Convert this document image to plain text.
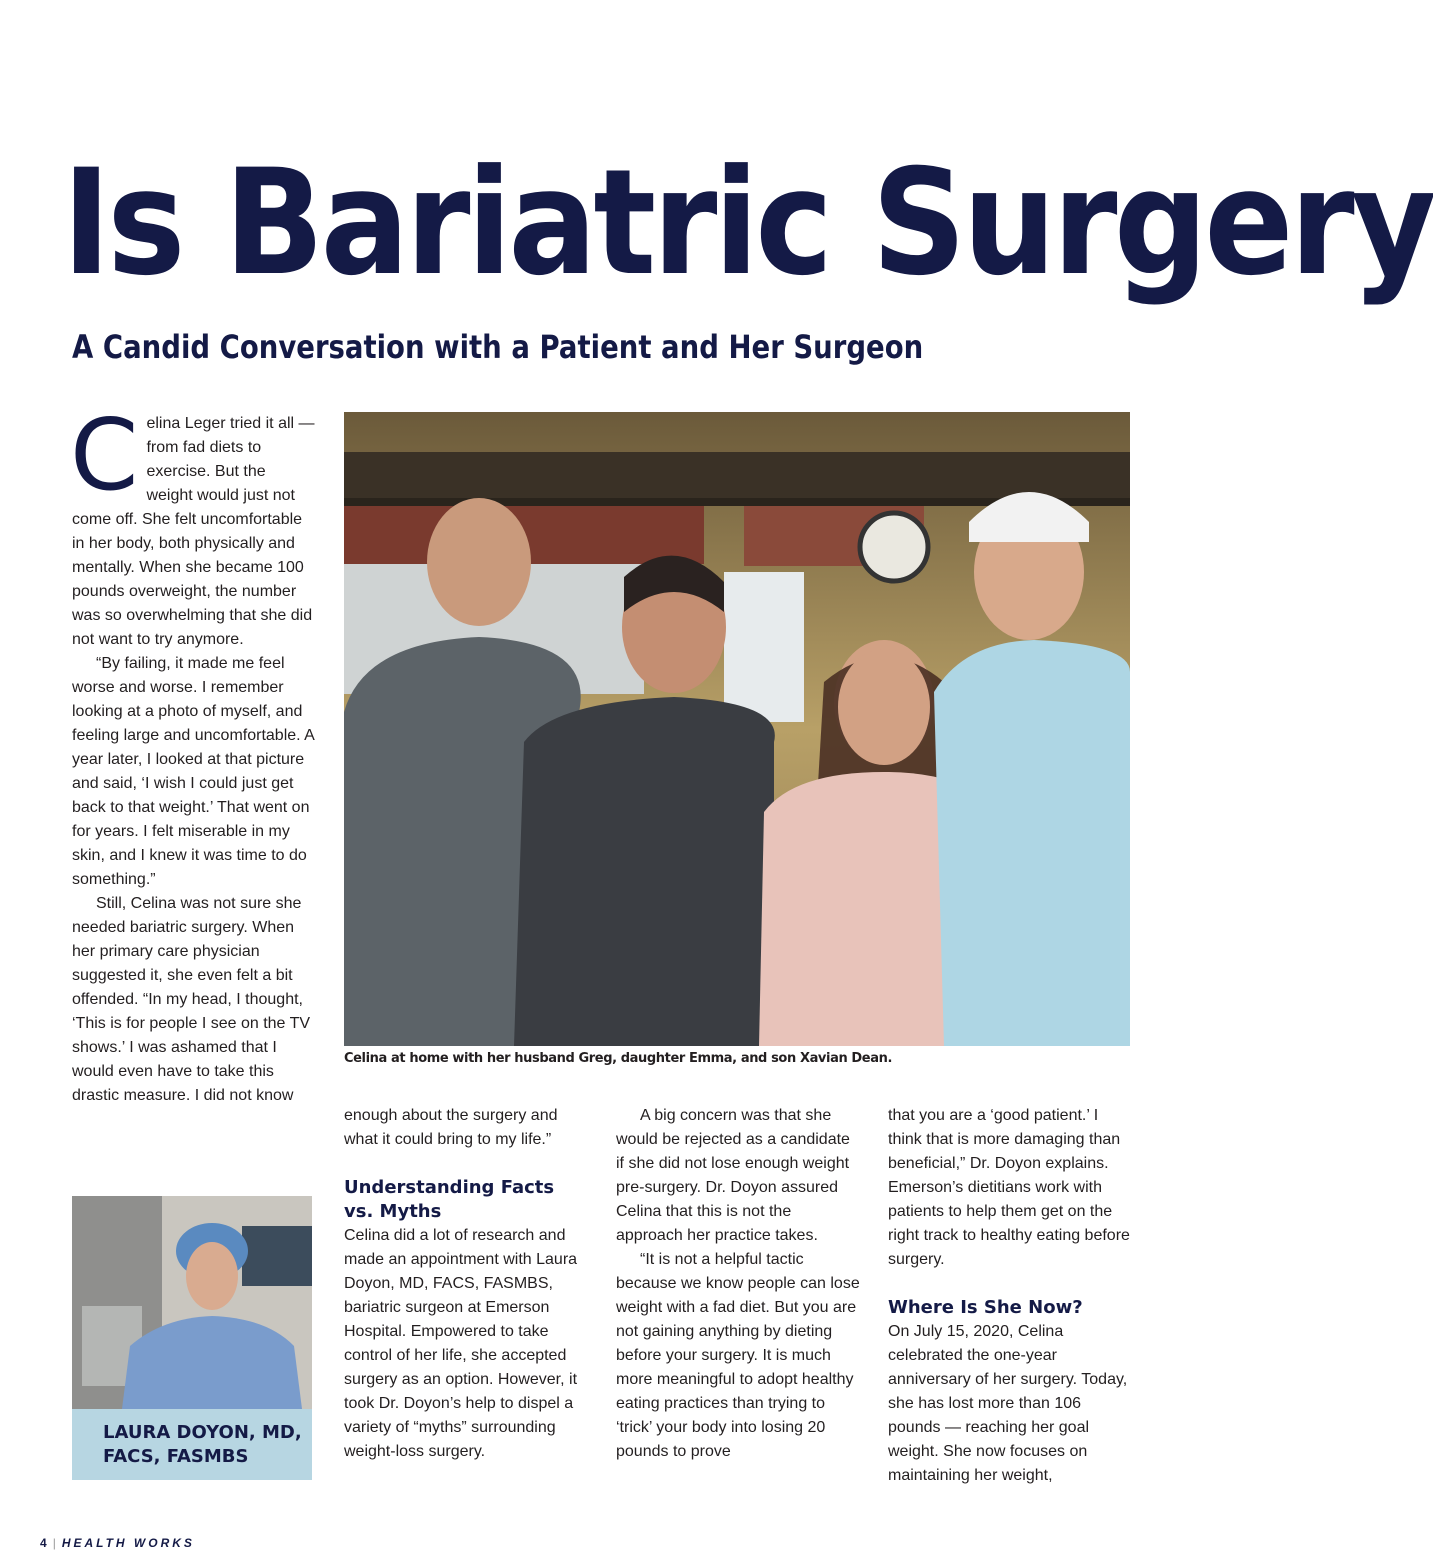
Is Bariatric Surgery
A Candid Conversation with a Patient and Her Surgeon
C elina Leger tried it all — from fad diets to exercise. But the weight would just not come off. She felt uncomfortable in her body, both physically and mentally. When she became 100 pounds overweight, the number was so overwhelming that she did not want to try anymore.

“By failing, it made me feel worse and worse. I remember looking at a photo of myself, and feeling large and uncomfortable. A year later, I looked at that picture and said, ‘I wish I could just get back to that weight.’ That went on for years. I felt miserable in my skin, and I knew it was time to do something.”

Still, Celina was not sure she needed bariatric surgery. When her primary care physician suggested it, she even felt a bit offended. “In my head, I thought, ‘This is for people I see on the TV shows.’ I was ashamed that I would even have to take this drastic measure. I did not know

Celina at home with her husband Greg, daughter Emma, and son Xavian Dean.
LAURA DOYON, MD,
FACS, FASMBS

enough about the surgery and what it could bring to my life.”

Understanding Facts vs. Myths

Celina did a lot of research and made an appointment with Laura Doyon, MD, FACS, FASMBS, bariatric surgeon at Emerson Hospital. Empowered to take control of her life, she accepted surgery as an option. However, it took Dr. Doyon’s help to dispel a variety of “myths” surrounding weight-loss surgery.

A big concern was that she would be rejected as a candidate if she did not lose enough weight pre-surgery. Dr. Doyon assured Celina that this is not the approach her practice takes.

“It is not a helpful tactic because we know people can lose weight with a fad diet. But you are not gaining anything by dieting before your surgery. It is much more meaningful to adopt healthy eating practices than trying to ‘trick’ your body into losing 20 pounds to prove

that you are a ‘good patient.’ I think that is more damaging than beneficial,” Dr. Doyon explains. Emerson’s dietitians work with patients to help them get on the right track to healthy eating before surgery.

Where Is She Now?

On July 15, 2020, Celina celebrated the one-year anniversary of her surgery. Today, she has lost more than 106 pounds — reaching her goal weight. She now focuses on maintaining her weight,

4 | HEALTH WORKS
